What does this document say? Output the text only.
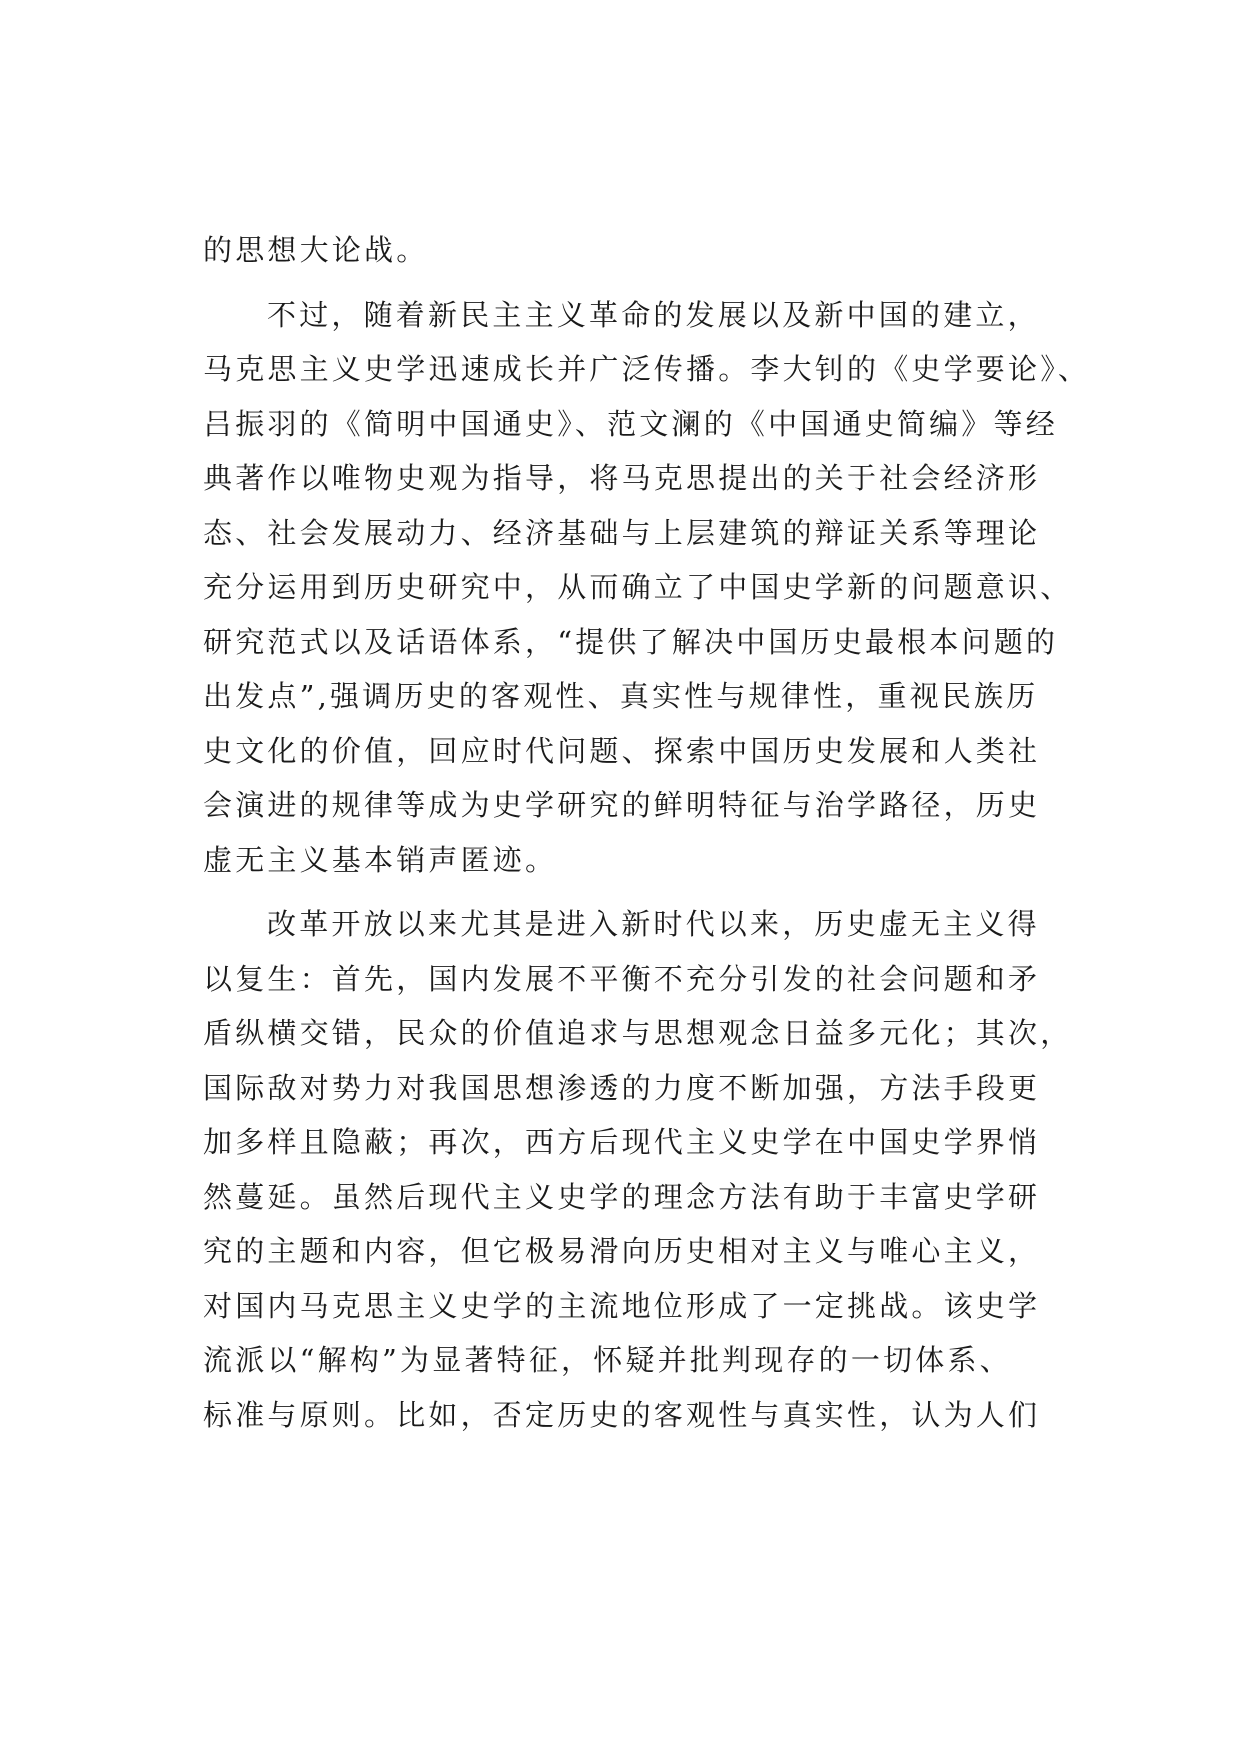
的思想大论战。
不过，随着新民主主义革命的发展以及新中国的建立，
马克思主义史学迅速成长并广泛传播。李大钊的《史学要论》、
吕振羽的《简明中国通史》、范文澜的《中国通史简编》等经
典著作以唯物史观为指导，将马克思提出的关于社会经济形
态、社会发展动力、经济基础与上层建筑的辩证关系等理论
充分运用到历史研究中，从而确立了中国史学新的问题意识、
研究范式以及话语体系，“提供了解决中国历史最根本问题的
出发点”,强调历史的客观性、真实性与规律性，重视民族历
史文化的价值，回应时代问题、探索中国历史发展和人类社
会演进的规律等成为史学研究的鲜明特征与治学路径，历史
虚无主义基本销声匿迹。
改革开放以来尤其是进入新时代以来，历史虚无主义得
以复生：首先，国内发展不平衡不充分引发的社会问题和矛
盾纵横交错，民众的价值追求与思想观念日益多元化；其次，
国际敌对势力对我国思想渗透的力度不断加强，方法手段更
加多样且隐蔽；再次，西方后现代主义史学在中国史学界悄
然蔓延。虽然后现代主义史学的理念方法有助于丰富史学研
究的主题和内容，但它极易滑向历史相对主义与唯心主义，
对国内马克思主义史学的主流地位形成了一定挑战。该史学
流派以“解构”为显著特征，怀疑并批判现存的一切体系、
标准与原则。比如，否定历史的客观性与真实性，认为人们
